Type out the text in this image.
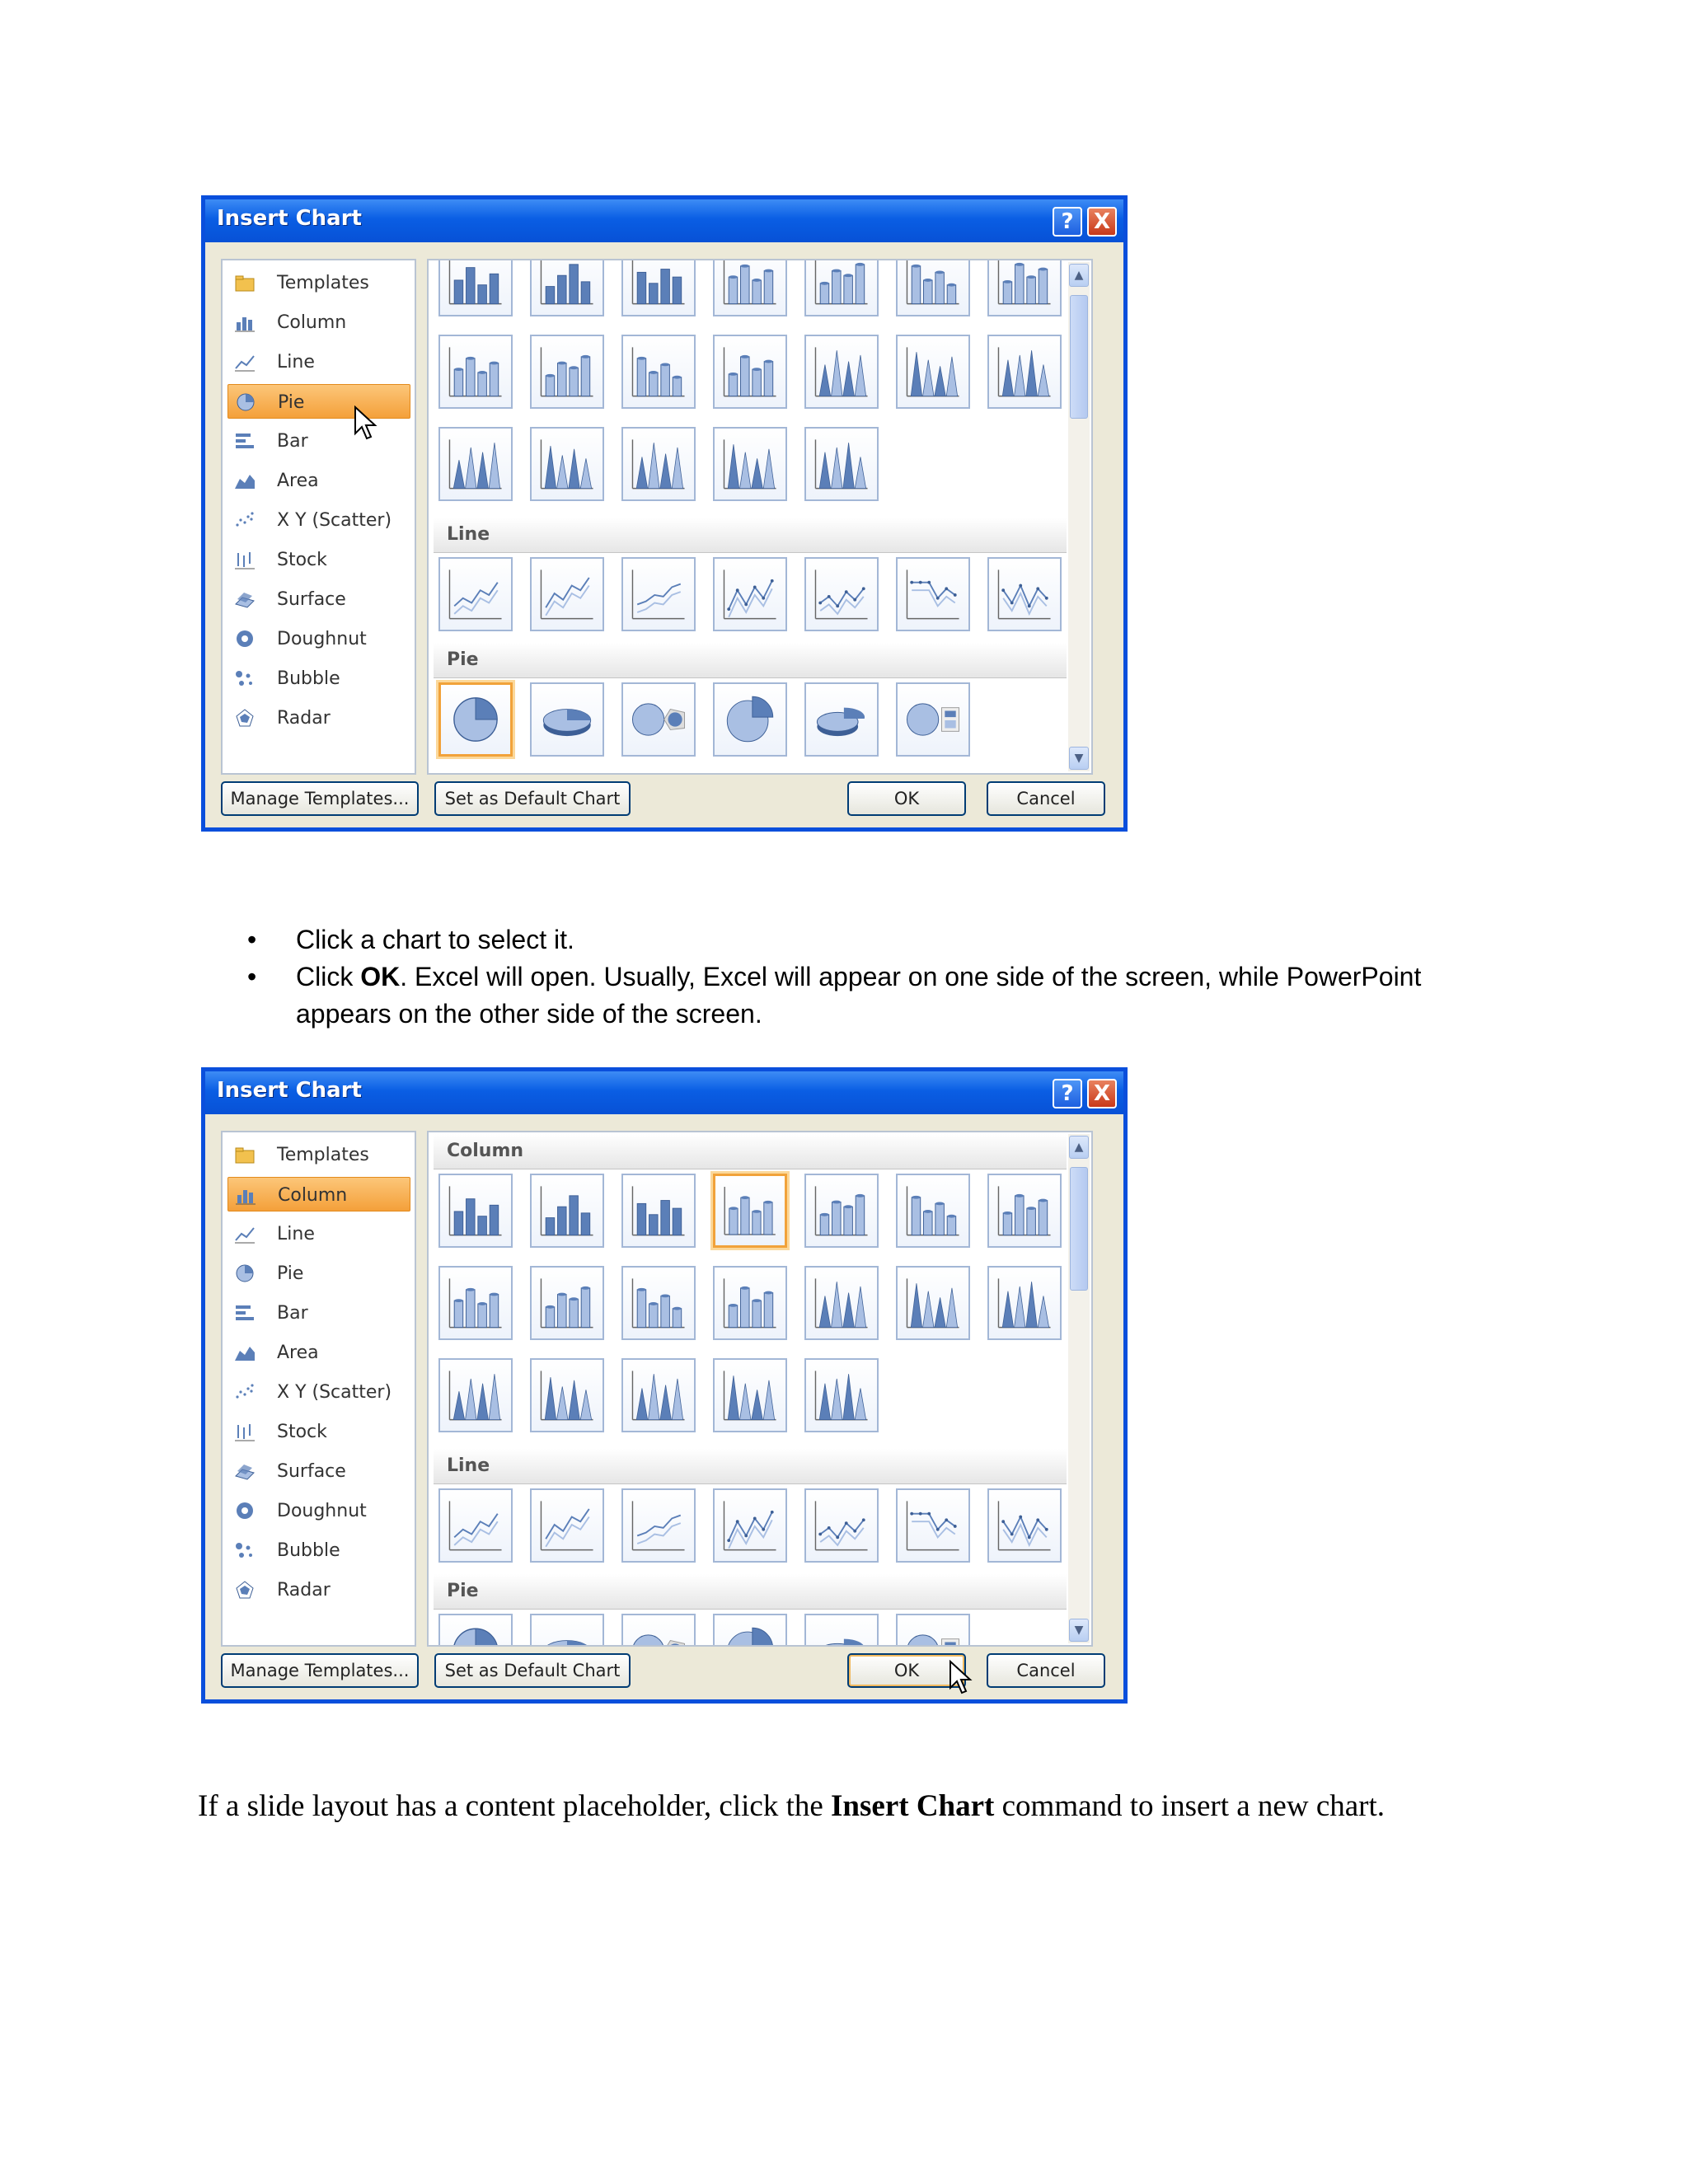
Insert Chart	? X
Templates
Column
Line
Pie
Bar
Area
X Y (Scatter)
Stock
Surface
Doughnut
Bubble
Radar
▲
▼
Line
Pie
Manage Templates...	Set as Default Chart	OK	Cancel
• Click a chart to select it.
• Click OK. Excel will open. Usually, Excel will appear on one side of the screen, while PowerPoint appears on the other side of the screen.
Insert Chart	? X
Templates
Column
Line
Pie
Bar
Area
X Y (Scatter)
Stock
Surface
Doughnut
Bubble
Radar
▲
▼
Column
Line
Pie
Manage Templates...	Set as Default Chart	OK	Cancel

If a slide layout has a content placeholder, click the Insert Chart command to insert a new chart.
